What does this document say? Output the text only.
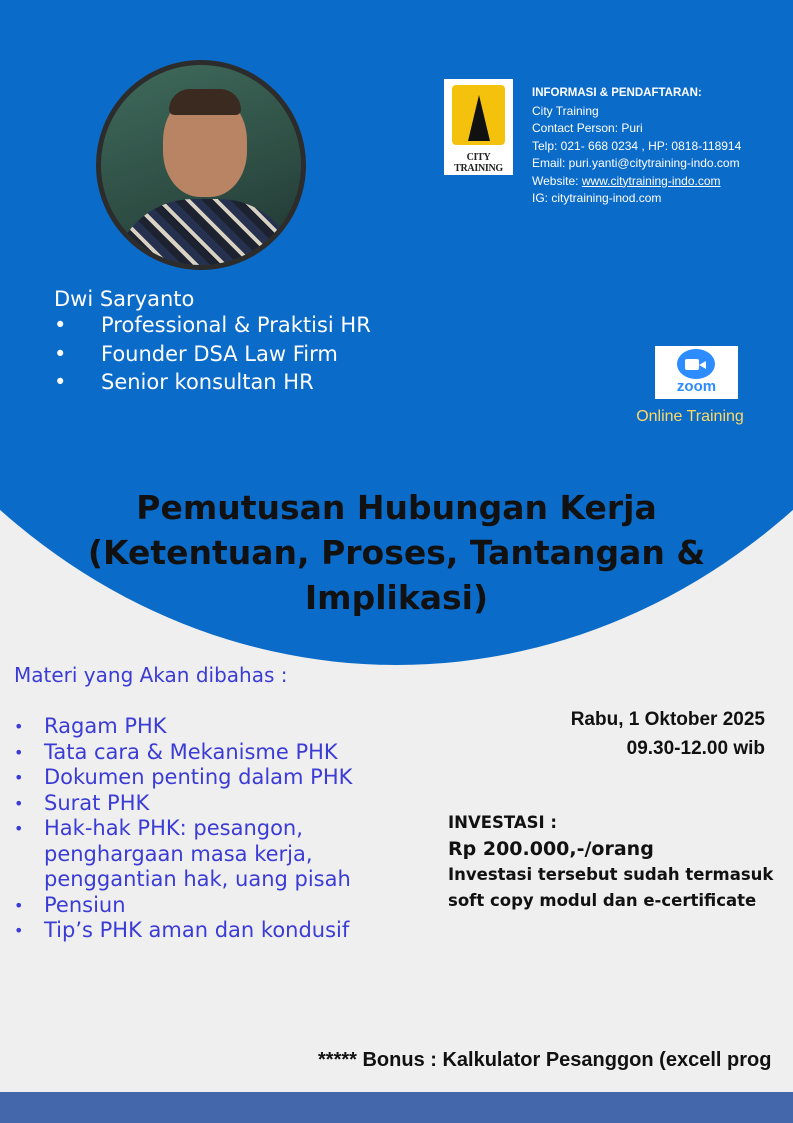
CITY TRAINING
INFORMASI & PENDAFTARAN:
City Training
Contact Person: Puri
Telp: 021- 668 0234 , HP: 0818-118914
Email: puri.yanti@citytraining-indo.com
Website: www.citytraining-indo.com
IG: citytraining-inod.com
Dwi Saryanto
• Professional & Praktisi HR
• Founder DSA Law Firm
• Senior konsultan HR	zoom
Online Training
Pemutusan Hubungan Kerja
(Ketentuan, Proses, Tantangan &
Implikasi)
Materi yang Akan dibahas :
• Ragam PHK
• Tata cara & Mekanisme PHK
• Dokumen penting dalam PHK
• Surat PHK
• Hak-hak PHK: pesangon, penghargaan masa kerja, penggantian hak, uang pisah
• Pensiun
• Tip’s PHK aman dan kondusif
Rabu, 1 Oktober 2025
09.30-12.00 wib
INVESTASI :
Rp 200.000,-/orang
Investasi tersebut sudah termasuk
soft copy modul dan e-certificate
***** Bonus : Kalkulator Pesanggon (excell prog
